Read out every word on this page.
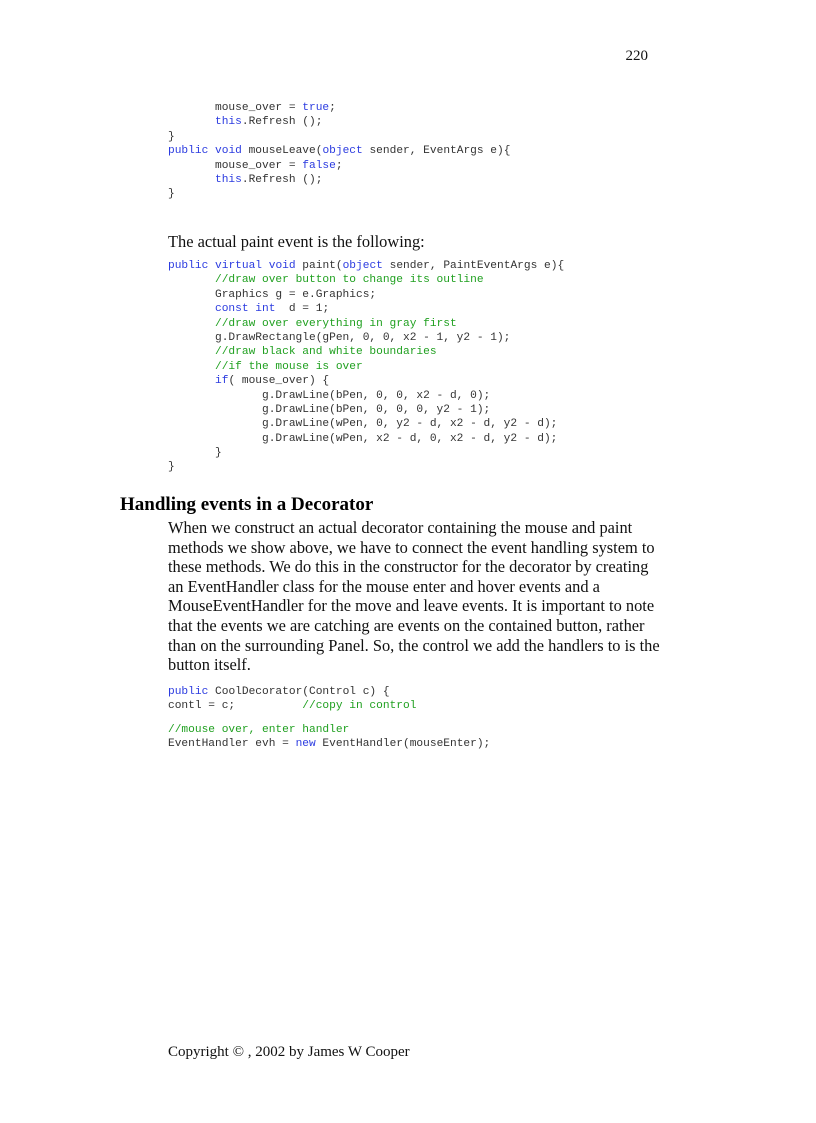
220
mouse_over = true;
this.Refresh ();
}
public void mouseLeave(object sender, EventArgs e){
mouse_over = false;
this.Refresh ();
}

The actual paint event is the following:

public virtual void paint(object sender, PaintEventArgs e){
//draw over button to change its outline
Graphics g = e.Graphics;
const int  d = 1;
//draw over everything in gray first
g.DrawRectangle(gPen, 0, 0, x2 - 1, y2 - 1);
//draw black and white boundaries
//if the mouse is over
if( mouse_over) {
g.DrawLine(bPen, 0, 0, x2 - d, 0);
g.DrawLine(bPen, 0, 0, 0, y2 - 1);
g.DrawLine(wPen, 0, y2 - d, x2 - d, y2 - d);
g.DrawLine(wPen, x2 - d, 0, x2 - d, y2 - d);
}
}
Handling events in a Decorator
When we construct an actual decorator containing the mouse and paint
methods we show above, we have to connect the event handling system to
these methods. We do this in the constructor for the decorator by creating
an EventHandler class for the mouse enter and hover events and a
MouseEventHandler for the move and leave events. It is important to note
that the events we are catching are events on the contained button, rather
than on the surrounding Panel. So, the control we add the handlers to is the
button itself.
public CoolDecorator(Control c) {
contl = c;          //copy in control
//mouse over, enter handler
EventHandler evh = new EventHandler(mouseEnter);

Copyright © , 2002 by James W Cooper
